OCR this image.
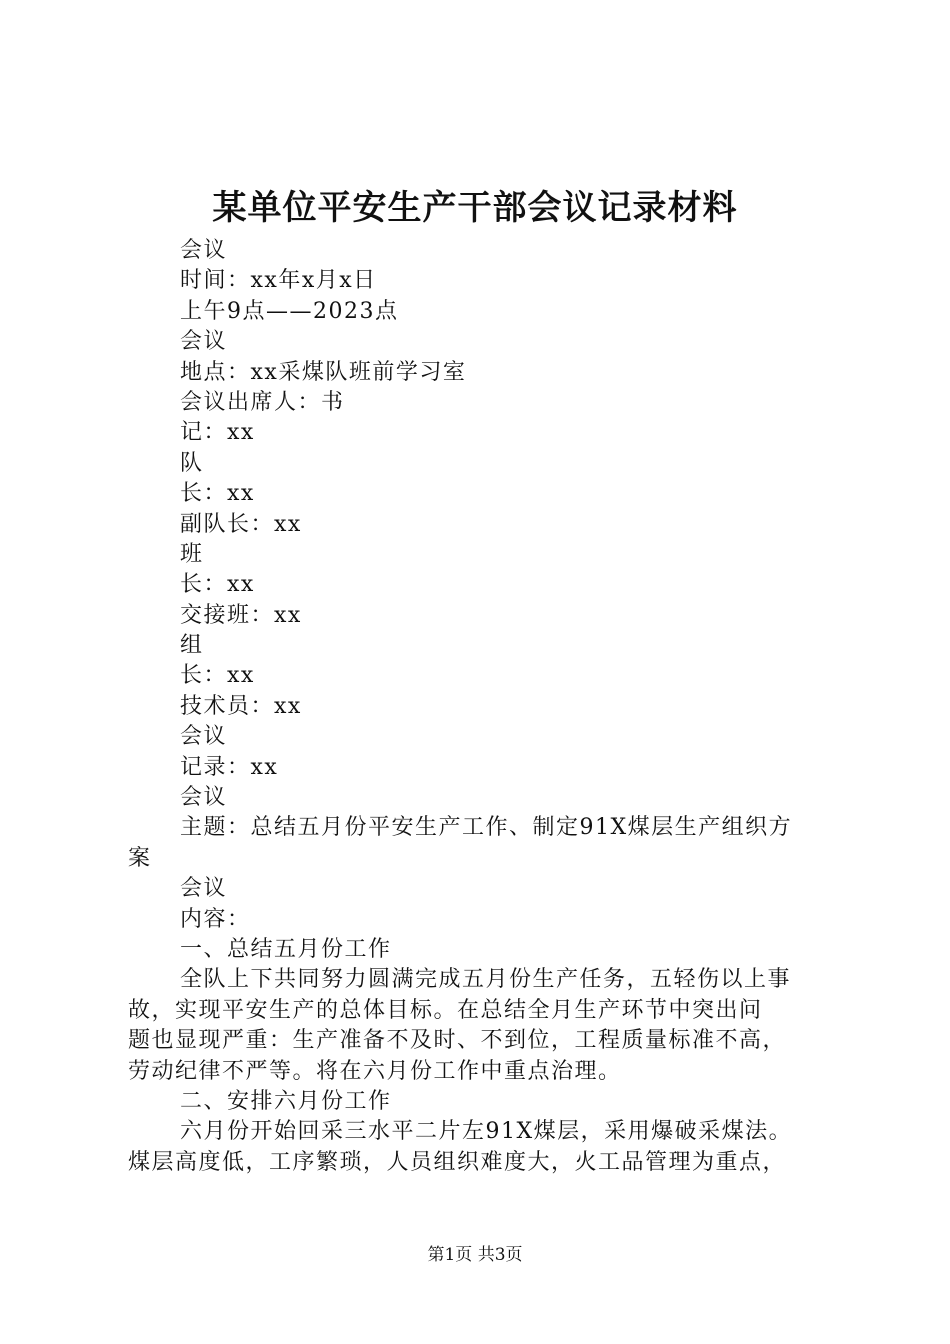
某单位平安生产干部会议记录材料
会议
时间：xx年x月x日
上午9点——2023点
会议
地点：xx采煤队班前学习室
会议出席人：书
记：xx
队
长：xx
副队长：xx
班
长：xx
交接班：xx
组
长：xx
技术员：xx
会议
记录：xx
会议
主题：总结五月份平安生产工作、制定91X煤层生产组织方
案
会议
内容：
一、总结五月份工作
全队上下共同努力圆满完成五月份生产任务，五轻伤以上事
故，实现平安生产的总体目标。在总结全月生产环节中突出问
题也显现严重：生产准备不及时、不到位，工程质量标准不高，
劳动纪律不严等。将在六月份工作中重点治理。
二、安排六月份工作
六月份开始回采三水平二片左91X煤层，采用爆破采煤法。
煤层高度低，工序繁琐，人员组织难度大，火工品管理为重点，
第1页 共3页
